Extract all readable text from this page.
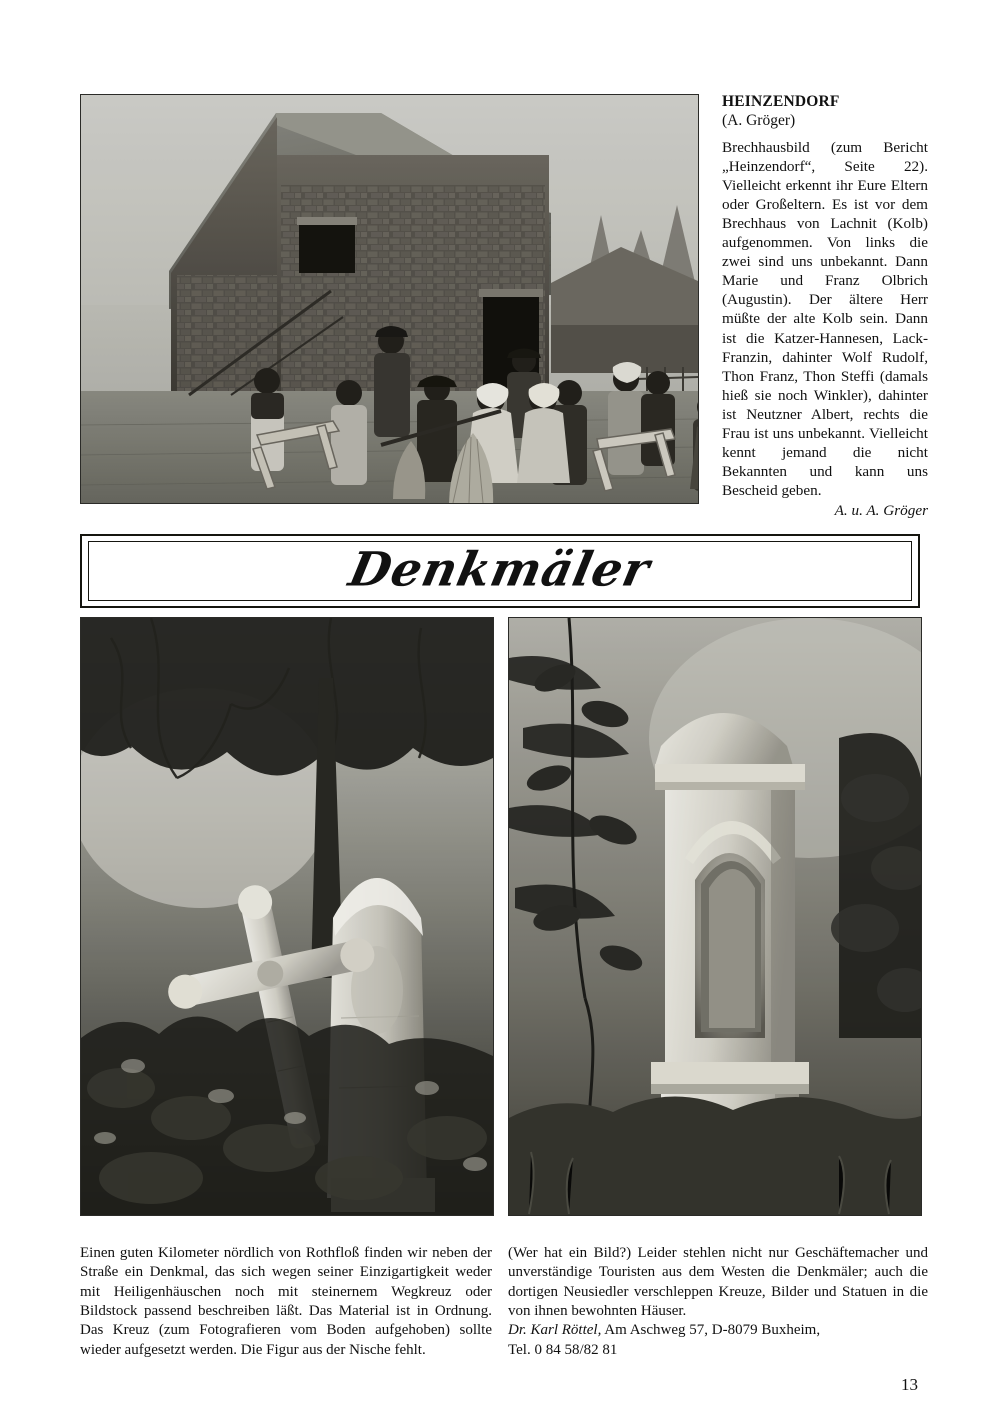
HEINZENDORF
(A. Gröger)
Brechhausbild (zum Bericht „Heinzendorf“, Seite 22). Vielleicht erkennt ihr Eure Eltern oder Großeltern. Es ist vor dem Brechhaus von Lachnit (Kolb) aufgenommen. Von links die zwei sind uns unbekannt. Dann Marie und Franz Olbrich (Augustin). Der ältere Herr müßte der alte Kolb sein. Dann ist die Katzer-Hannesen, Lack-Franzin, dahinter Wolf Rudolf, Thon Franz, Thon Steffi (damals hieß sie noch Winkler), dahinter ist Neutzner Albert, rechts die Frau ist uns unbekannt. Vielleicht kennt jemand die nicht Bekannten und kann uns Bescheid geben.
A. u. A. Gröger
Denkmäler

Einen guten Kilometer nördlich von Rothfloß finden wir neben der Straße ein Denkmal, das sich wegen seiner Einzigartigkeit weder mit Heiligenhäuschen noch mit steinernem Wegkreuz oder Bildstock passend beschreiben läßt. Das Material ist in Ordnung. Das Kreuz (zum Fotografieren vom Boden aufgehoben) sollte wieder aufgesetzt werden. Die Figur aus der Nische fehlt.

(Wer hat ein Bild?) Leider stehlen nicht nur Geschäftemacher und unverständige Touristen aus dem Westen die Denkmäler; auch die dortigen Neusiedler verschleppen Kreuze, Bilder und Statuen in die von ihnen bewohnten Häuser.

Dr. Karl Röttel, Am Aschweg 57, D-8079 Buxheim,

Tel. 0 84 58/82 81

13
